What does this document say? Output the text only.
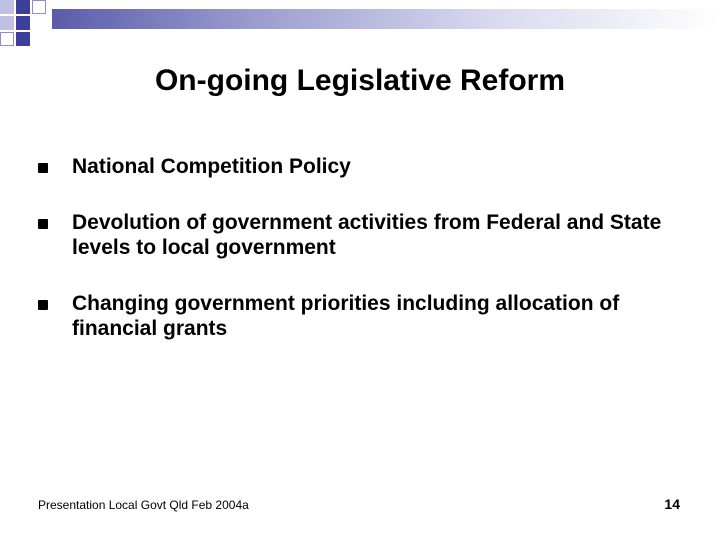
On-going Legislative Reform
National Competition Policy
Devolution of government activities from Federal and State levels to local government
Changing government priorities including allocation of financial grants
Presentation Local Govt Qld Feb 2004a	14
